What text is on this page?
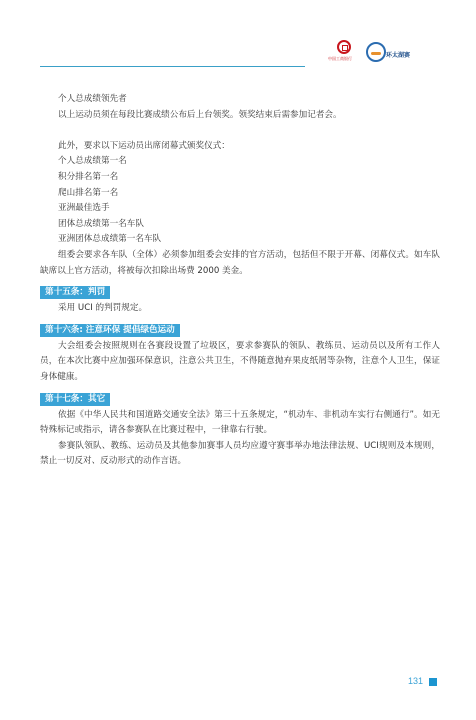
中国工商银行	环太湖赛

个人总成绩领先者

以上运动员须在每段比赛成绩公布后上台领奖。领奖结束后需参加记者会。

此外，要求以下运动员出席闭幕式颁奖仪式：

个人总成绩第一名

积分排名第一名

爬山排名第一名

亚洲最佳选手

团体总成绩第一名车队

亚洲团体总成绩第一名车队

组委会要求各车队（全体）必须参加组委会安排的官方活动，包括但不限于开幕、闭幕仪式。如车队缺席以上官方活动，将被每次扣除出场费 2000 美金。

第十五条：判罚

采用 UCI 的判罚规定。

第十六条: 注意环保 提倡绿色运动

大会组委会按照规则在各赛段设置了垃圾区，要求参赛队的领队、教练员、运动员以及所有工作人员，在本次比赛中应加强环保意识，注意公共卫生，不得随意抛弃果皮纸屑等杂物，注意个人卫生，保证身体健康。

第十七条：其它

依据《中华人民共和国道路交通安全法》第三十五条规定，“机动车、非机动车实行右侧通行”。如无特殊标记或指示，请各参赛队在比赛过程中，一律靠右行驶。

参赛队领队、教练、运动员及其他参加赛事人员均应遵守赛事举办地法律法规、UCI规则及本规则，禁止一切反对、反动形式的动作言语。

131
